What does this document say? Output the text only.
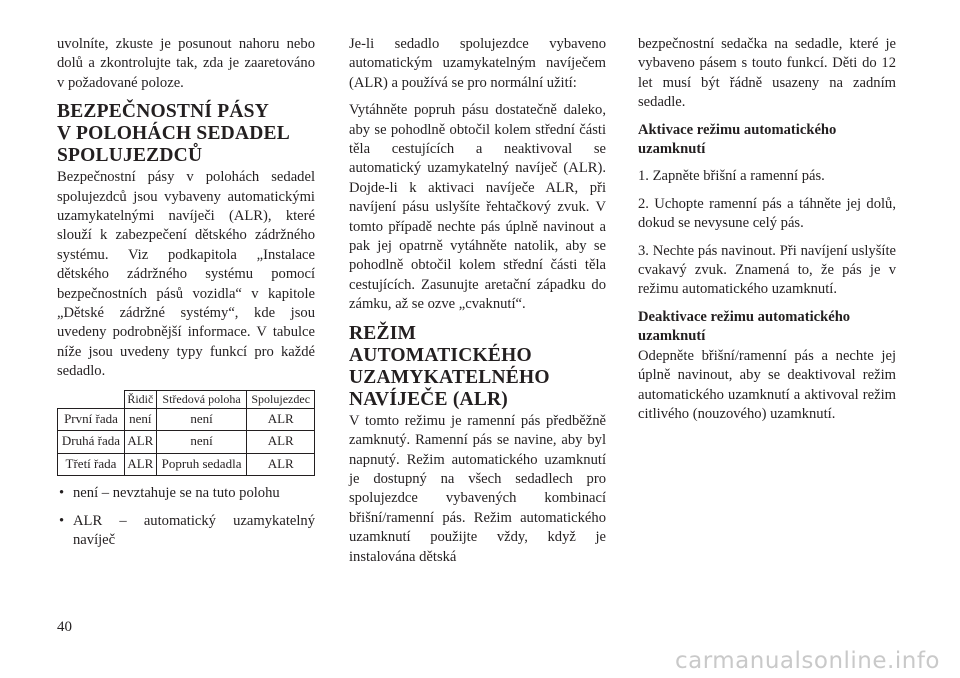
uvolníte, zkuste je posunout nahoru nebo dolů a zkontrolujte tak, zda je zaaretováno v požadované poloze.

BEZPEČNOSTNÍ PÁSY
V POLOHÁCH SEDADEL
SPOLUJEZDCŮ

Bezpečnostní pásy v polohách sedadel spolujezdců jsou vybaveny automatickými uzamykatelnými navíječi (ALR), které slouží k zabezpečení dětského zádržného systému. Viz podkapitola „Instalace dětského zádržného systému pomocí bezpečnostních pásů vozidla“ v kapitole „Dětské zádržné systémy“, kde jsou uvedeny podrobnější informace. V tabulce níže jsou uvedeny typy funkcí pro každé sedadlo.

	Řidič	Středová poloha	Spolujezdec
První řada	není	není	ALR
Druhá řada	ALR	není	ALR
Třetí řada	ALR	Popruh sedadla	ALR
• není – nevztahuje se na tuto polohu
• ALR – automatický uzamykatelný navíječ

Je-li sedadlo spolujezdce vybaveno automatickým uzamykatelným navíječem (ALR) a používá se pro normální užití:

Vytáhněte popruh pásu dostatečně daleko, aby se pohodlně obtočil kolem střední části těla cestujících a neaktivoval se automatický uzamykatelný navíječ (ALR). Dojde-li k aktivaci navíječe ALR, při navíjení pásu uslyšíte řehtačkový zvuk. V tomto případě nechte pás úplně navinout a pak jej opatrně vytáhněte natolik, aby se pohodlně obtočil kolem střední části těla cestujících. Zasunujte aretační západku do zámku, až se ozve „cvaknutí“.

REŽIM
AUTOMATICKÉHO
UZAMYKATELNÉHO
NAVÍJEČE (ALR)

V tomto režimu je ramenní pás předběžně zamknutý. Ramenní pás se navine, aby byl napnutý. Režim automatického uzamknutí je dostupný na všech sedadlech pro spolujezdce vybavených kombinací břišní/ramenní pás. Režim automatického uzamknutí použijte vždy, když je instalována dětská

bezpečnostní sedačka na sedadle, které je vybaveno pásem s touto funkcí. Děti do 12 let musí být řádně usazeny na zadním sedadle.

Aktivace režimu automatického uzamknutí
1. Zapněte břišní a ramenní pás.
2. Uchopte ramenní pás a táhněte jej dolů, dokud se nevysune celý pás.
3. Nechte pás navinout. Při navíjení uslyšíte cvakavý zvuk. Znamená to, že pás je v režimu automatického uzamknutí.
Deaktivace režimu automatického uzamknutí

Odepněte břišní/ramenní pás a nechte jej úplně navinout, aby se deaktivoval režim automatického uzamknutí a aktivoval režim citlivého (nouzového) uzamknutí.

40
carmanualsonline.info
